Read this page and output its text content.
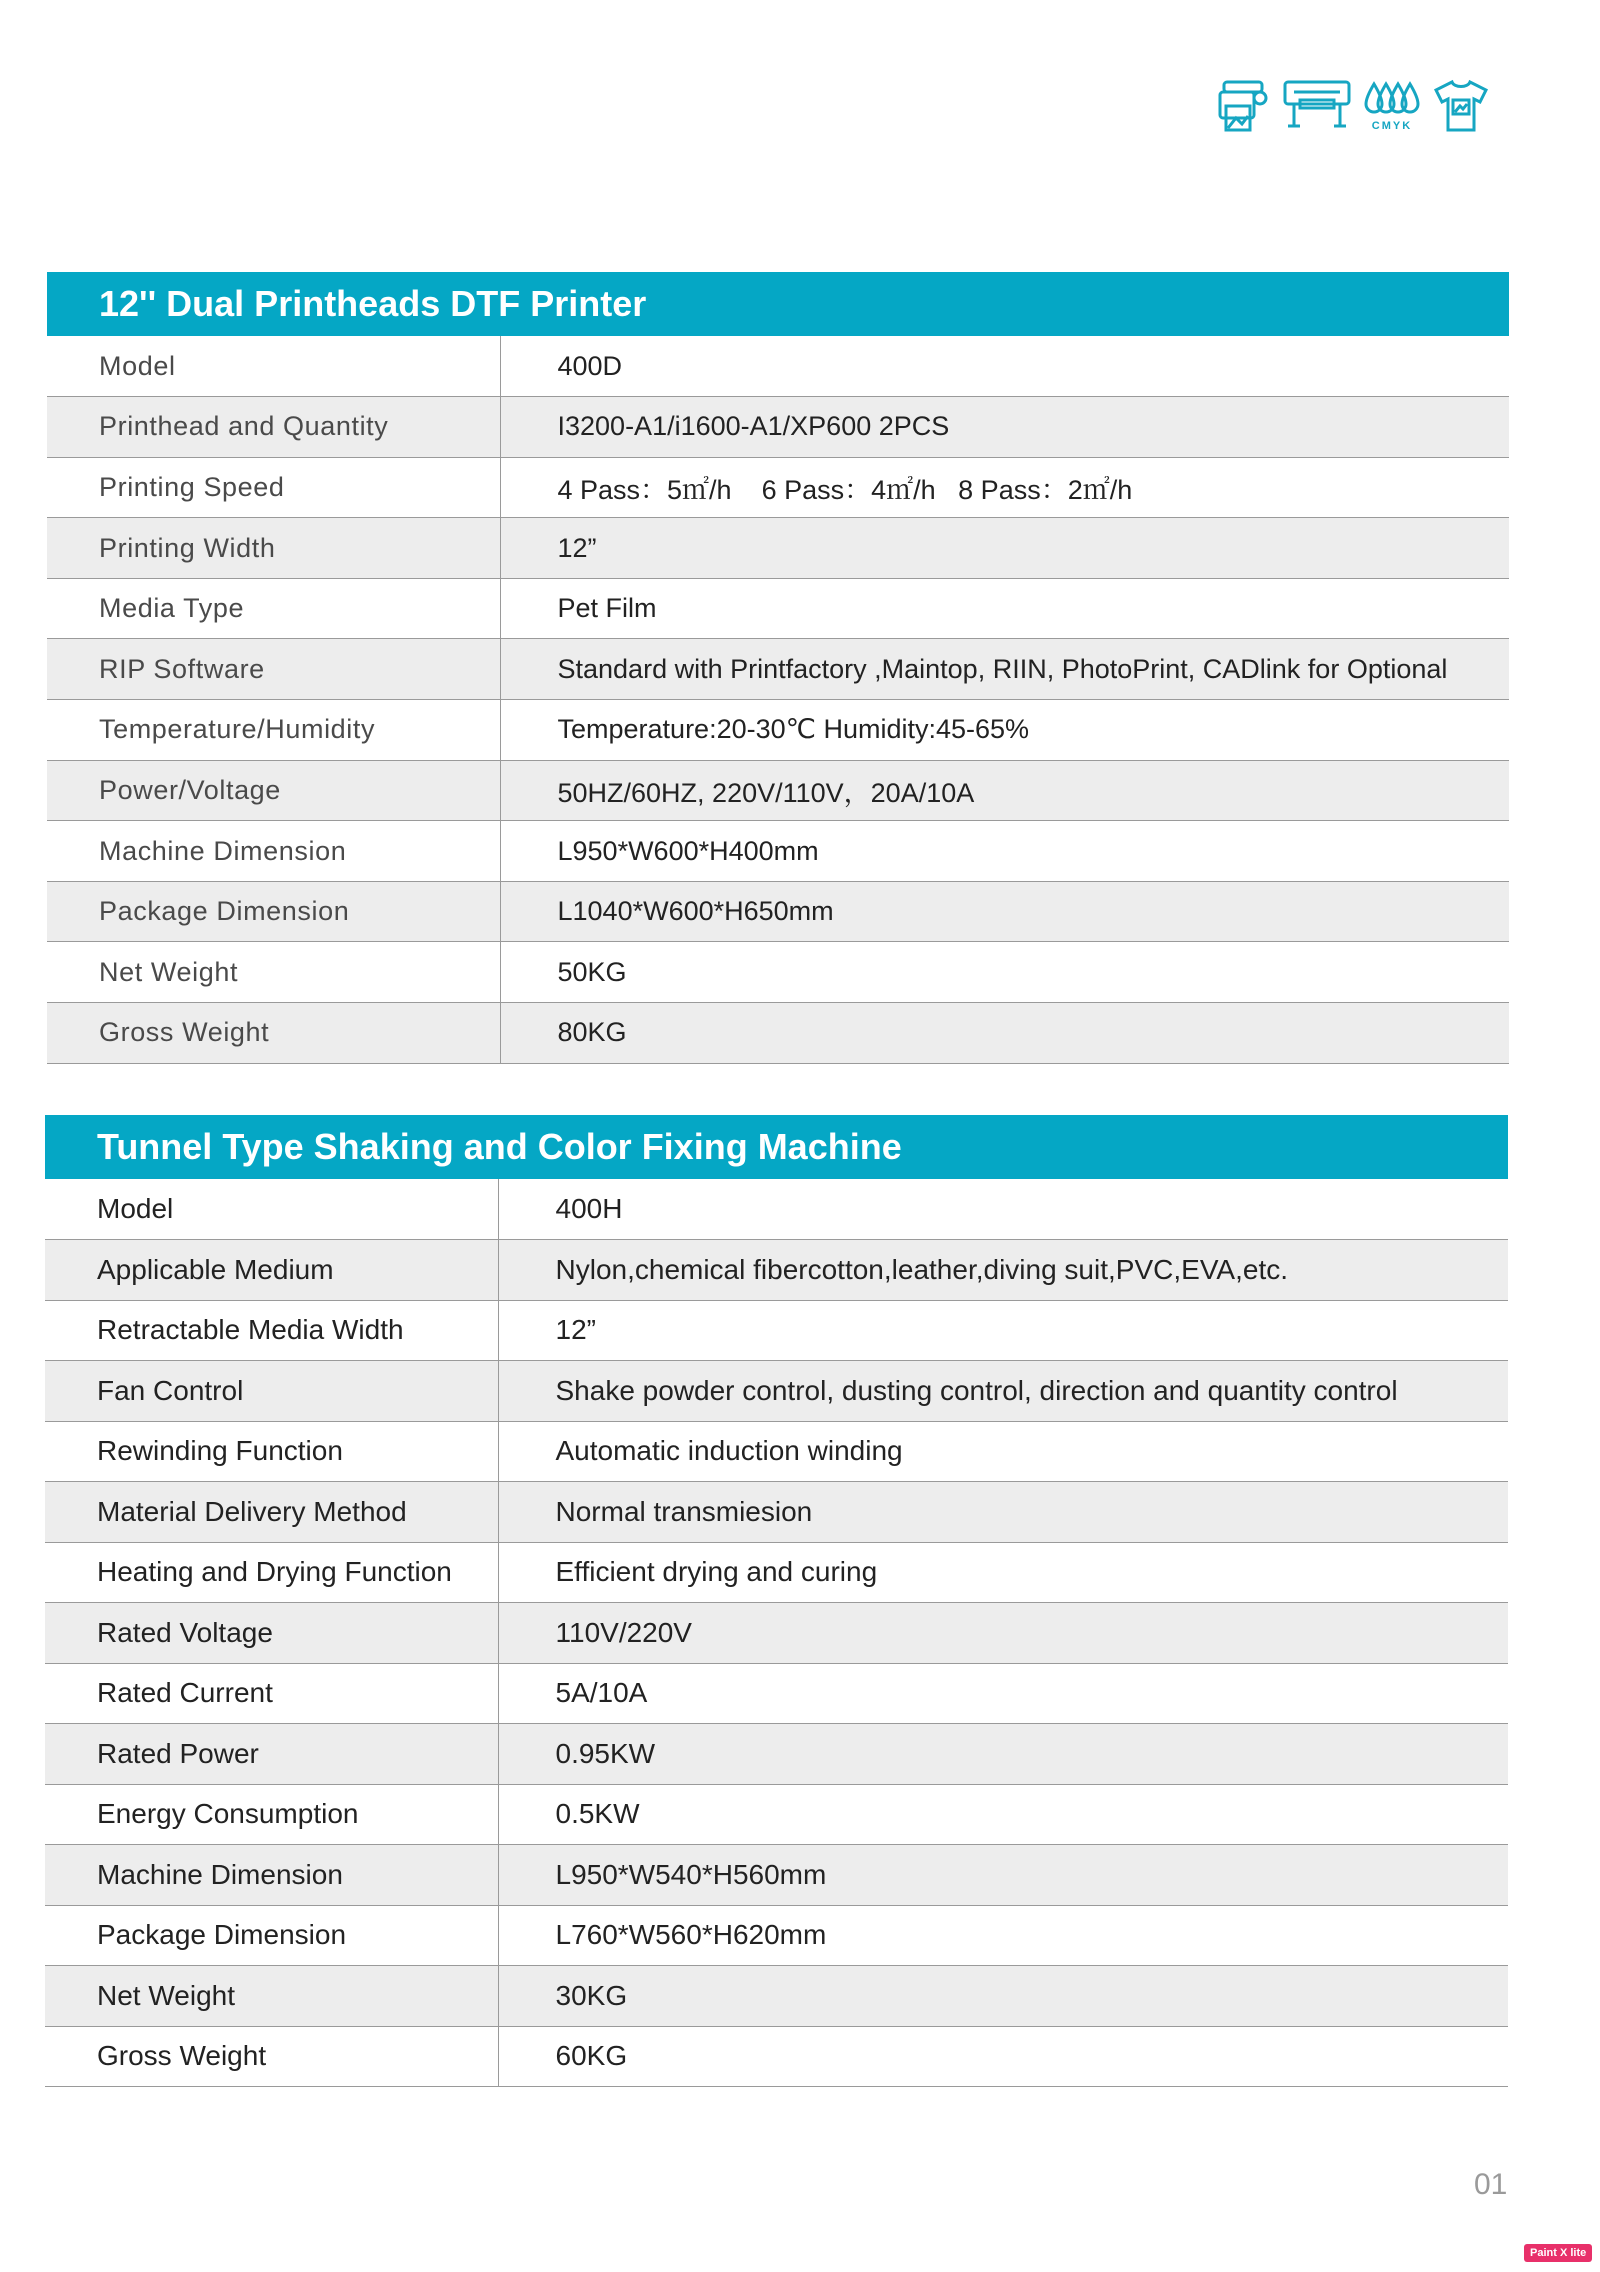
CMYK
12'' Dual Printheads DTF Printer
Model	400D
Printhead and Quantity	I3200-A1/i1600-A1/XP600 2PCS
Printing Speed	4 Pass：5㎡/h    6 Pass：4㎡/h   8 Pass：2㎡/h
Printing Width	12”
Media Type	Pet Film
RIP Software	Standard with Printfactory ,Maintop, RIIN, PhotoPrint, CADlink for Optional
Temperature/Humidity	Temperature:20-30℃ Humidity:45-65%
Power/Voltage	50HZ/60HZ, 220V/110V，20A/10A
Machine Dimension	L950*W600*H400mm
Package Dimension	L1040*W600*H650mm
Net Weight	50KG
Gross Weight	80KG
Tunnel Type Shaking and Color Fixing Machine
Model	400H
Applicable Medium	Nylon,chemical fibercotton,leather,diving suit,PVC,EVA,etc.
Retractable Media Width	12”
Fan Control	Shake powder control, dusting control, direction and quantity control
Rewinding Function	Automatic induction winding
Material Delivery Method	Normal transmiesion
Heating and Drying Function	Efficient drying and curing
Rated Voltage	110V/220V
Rated Current	5A/10A
Rated Power	0.95KW
Energy Consumption	0.5KW
Machine Dimension	L950*W540*H560mm
Package Dimension	L760*W560*H620mm
Net Weight	30KG
Gross Weight	60KG
01
Paint X lite
